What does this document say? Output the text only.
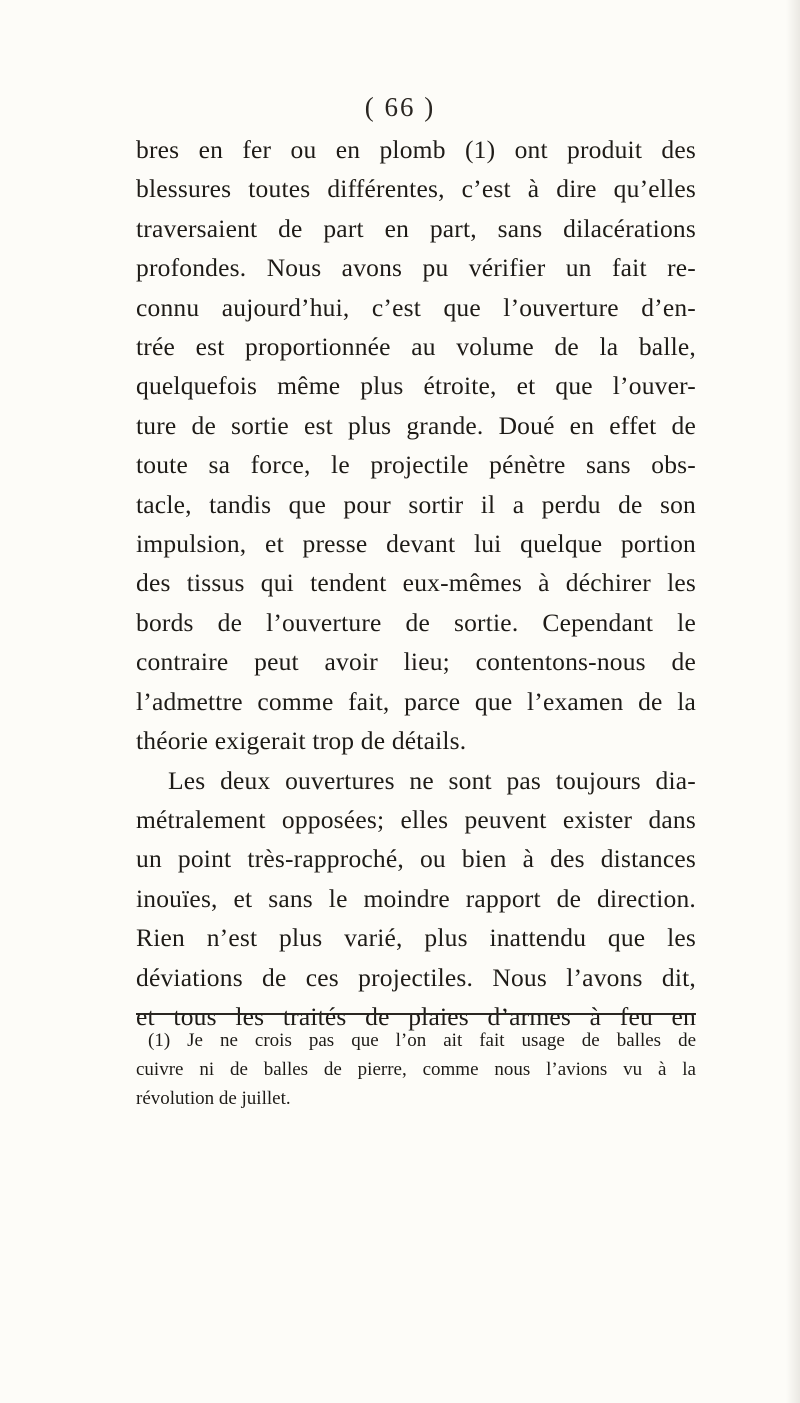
( 66 )
bres en fer ou en plomb (1) ont produit des
blessures toutes différentes, c’est à dire qu’elles
traversaient de part en part, sans dilacérations
profondes. Nous avons pu vérifier un fait re-
connu aujourd’hui, c’est que l’ouverture d’en-
trée est proportionnée au volume de la balle,
quelquefois même plus étroite, et que l’ouver-
ture de sortie est plus grande. Doué en effet de
toute sa force, le projectile pénètre sans obs-
tacle, tandis que pour sortir il a perdu de son
impulsion, et presse devant lui quelque portion
des tissus qui tendent eux-mêmes à déchirer les
bords de l’ouverture de sortie. Cependant le
contraire peut avoir lieu; contentons-nous de
l’admettre comme fait, parce que l’examen de la
théorie exigerait trop de détails.
Les deux ouvertures ne sont pas toujours dia-
métralement opposées; elles peuvent exister dans
un point très-rapproché, ou bien à des distances
inouïes, et sans le moindre rapport de direction.
Rien n’est plus varié, plus inattendu que les
déviations de ces projectiles. Nous l’avons dit,
et tous les traités de plaies d’armes à feu en
(1) Je ne crois pas que l’on ait fait usage de balles de
cuivre ni de balles de pierre, comme nous l’avions vu à la
révolution de juillet.
